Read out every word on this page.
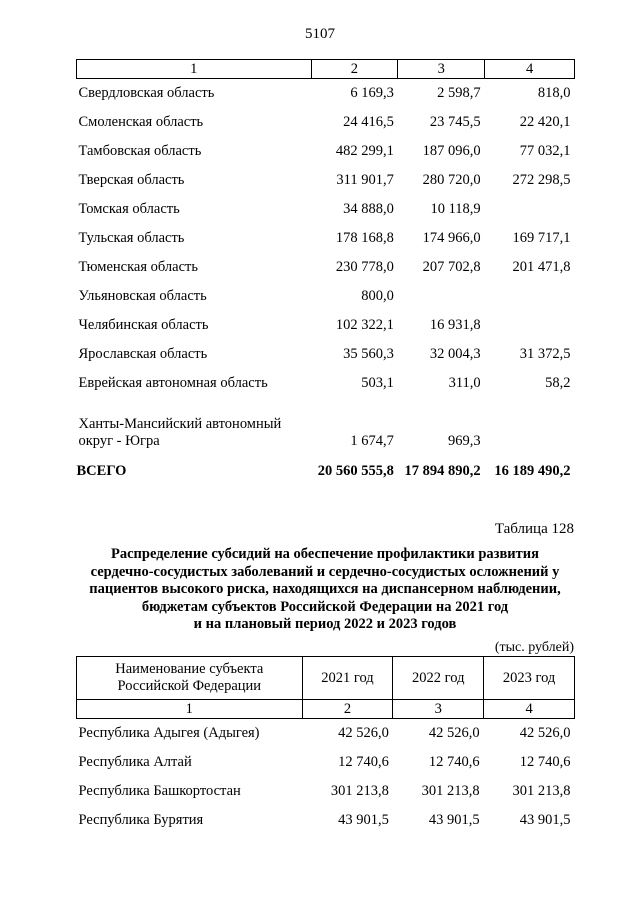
5107
1	2	3	4
Свердловская область	6 169,3	2 598,7	818,0
Смоленская область	24 416,5	23 745,5	22 420,1
Тамбовская область	482 299,1	187 096,0	77 032,1
Тверская область	311 901,7	280 720,0	272 298,5
Томская область	34 888,0	10 118,9	
Тульская область	178 168,8	174 966,0	169 717,1
Тюменская область	230 778,0	207 702,8	201 471,8
Ульяновская область	800,0		
Челябинская область	102 322,1	16 931,8	
Ярославская область	35 560,3	32 004,3	31 372,5
Еврейская автономная область	503,1	311,0	58,2

Ханты-Мансийский автономный
округ - Югра	1 674,7	969,3	
ВСЕГО	20 560 555,8	17 894 890,2	16 189 490,2
Таблица 128
Распределение субсидий на обеспечение профилактики развития
сердечно-сосудистых заболеваний и сердечно-сосудистых осложнений у
пациентов высокого риска, находящихся на диспансерном наблюдении,
бюджетам субъектов Российской Федерации на 2021 год
и на плановый период 2022 и 2023 годов
(тыс. рублей)
Наименование субъекта
Российской Федерации	2021 год	2022 год	2023 год
1	2	3	4
Республика Адыгея (Адыгея)	42 526,0	42 526,0	42 526,0
Республика Алтай	12 740,6	12 740,6	12 740,6
Республика Башкортостан	301 213,8	301 213,8	301 213,8
Республика Бурятия	43 901,5	43 901,5	43 901,5
